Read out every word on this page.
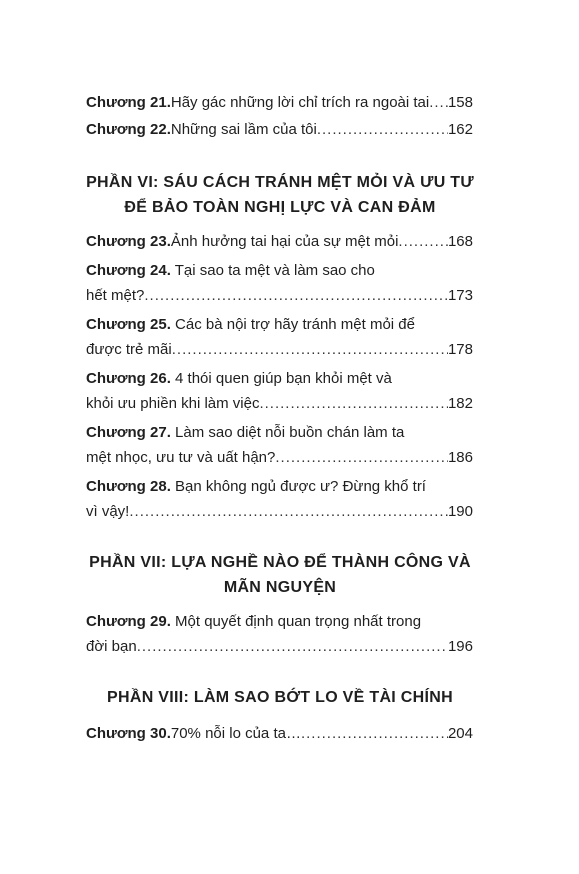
Chương 21. Hãy gác những lời chỉ trích ra ngoài tai ..... 158
Chương 22. Những sai lầm của tôi .....	162
PHẦN VI: SÁU CÁCH TRÁNH MỆT MỎI VÀ ƯU TƯ
ĐỂ BẢO TOÀN NGHỊ LỰC VÀ CAN ĐẢM
Chương 23. Ảnh hưởng tai hại của sự mệt mỏi .....	168
Chương 24. Tại sao ta mệt và làm sao cho
hết mệt? .....	173
Chương 25. Các bà nội trợ hãy tránh mệt mỏi để
được trẻ mãi .....	178
Chương 26. 4 thói quen giúp bạn khỏi mệt và
khỏi ưu phiền khi làm việc .....	182
Chương 27. Làm sao diệt nỗi buồn chán làm ta
mệt nhọc, ưu tư và uất hận? .....	186
Chương 28. Bạn không ngủ được ư? Đừng khổ trí
vì vậy! .....	190
PHẦN VII: LỰA NGHỀ NÀO ĐỂ THÀNH CÔNG VÀ
MÃN NGUYỆN
Chương 29. Một quyết định quan trọng nhất trong
đời bạn .....	196
PHẦN VIII: LÀM SAO BỚT LO VỀ TÀI CHÍNH
Chương 30. 70% nỗi lo của ta… .....	204
